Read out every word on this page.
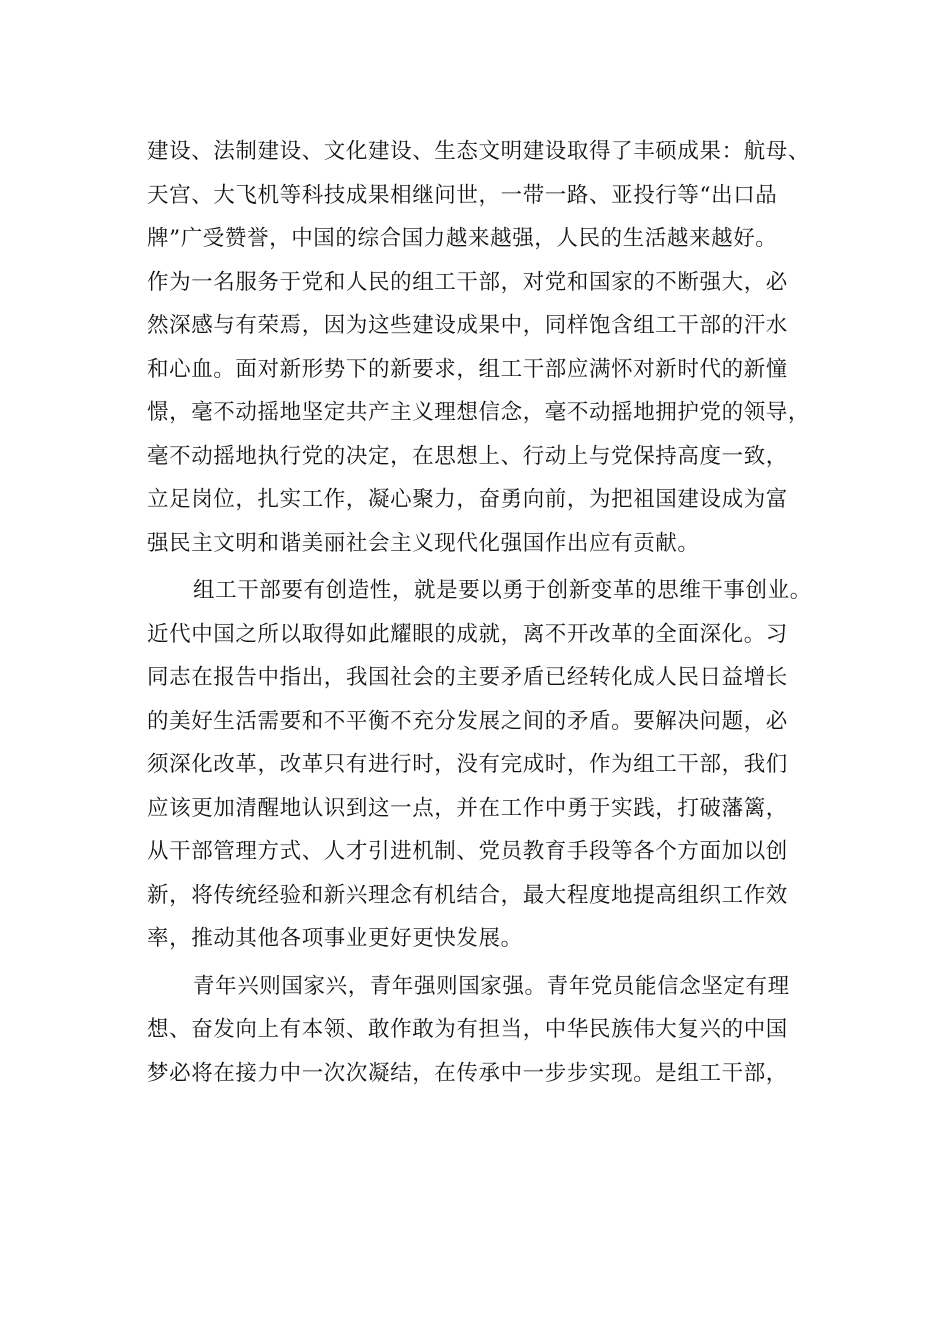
建设、法制建设、文化建设、生态文明建设取得了丰硕成果：航母、
天宫、大飞机等科技成果相继问世，一带一路、亚投行等“出口品
牌”广受赞誉，中国的综合国力越来越强，人民的生活越来越好。
作为一名服务于党和人民的组工干部，对党和国家的不断强大，必
然深感与有荣焉，因为这些建设成果中，同样饱含组工干部的汗水
和心血。面对新形势下的新要求，组工干部应满怀对新时代的新憧
憬，毫不动摇地坚定共产主义理想信念，毫不动摇地拥护党的领导，
毫不动摇地执行党的决定，在思想上、行动上与党保持高度一致，
立足岗位，扎实工作，凝心聚力，奋勇向前，为把祖国建设成为富
强民主文明和谐美丽社会主义现代化强国作出应有贡献。
组工干部要有创造性，就是要以勇于创新变革的思维干事创业。
近代中国之所以取得如此耀眼的成就，离不开改革的全面深化。习
同志在报告中指出，我国社会的主要矛盾已经转化成人民日益增长
的美好生活需要和不平衡不充分发展之间的矛盾。要解决问题，必
须深化改革，改革只有进行时，没有完成时，作为组工干部，我们
应该更加清醒地认识到这一点，并在工作中勇于实践，打破藩篱，
从干部管理方式、人才引进机制、党员教育手段等各个方面加以创
新，将传统经验和新兴理念有机结合，最大程度地提高组织工作效
率，推动其他各项事业更好更快发展。
青年兴则国家兴，青年强则国家强。青年党员能信念坚定有理
想、奋发向上有本领、敢作敢为有担当，中华民族伟大复兴的中国
梦必将在接力中一次次凝结，在传承中一步步实现。是组工干部，
